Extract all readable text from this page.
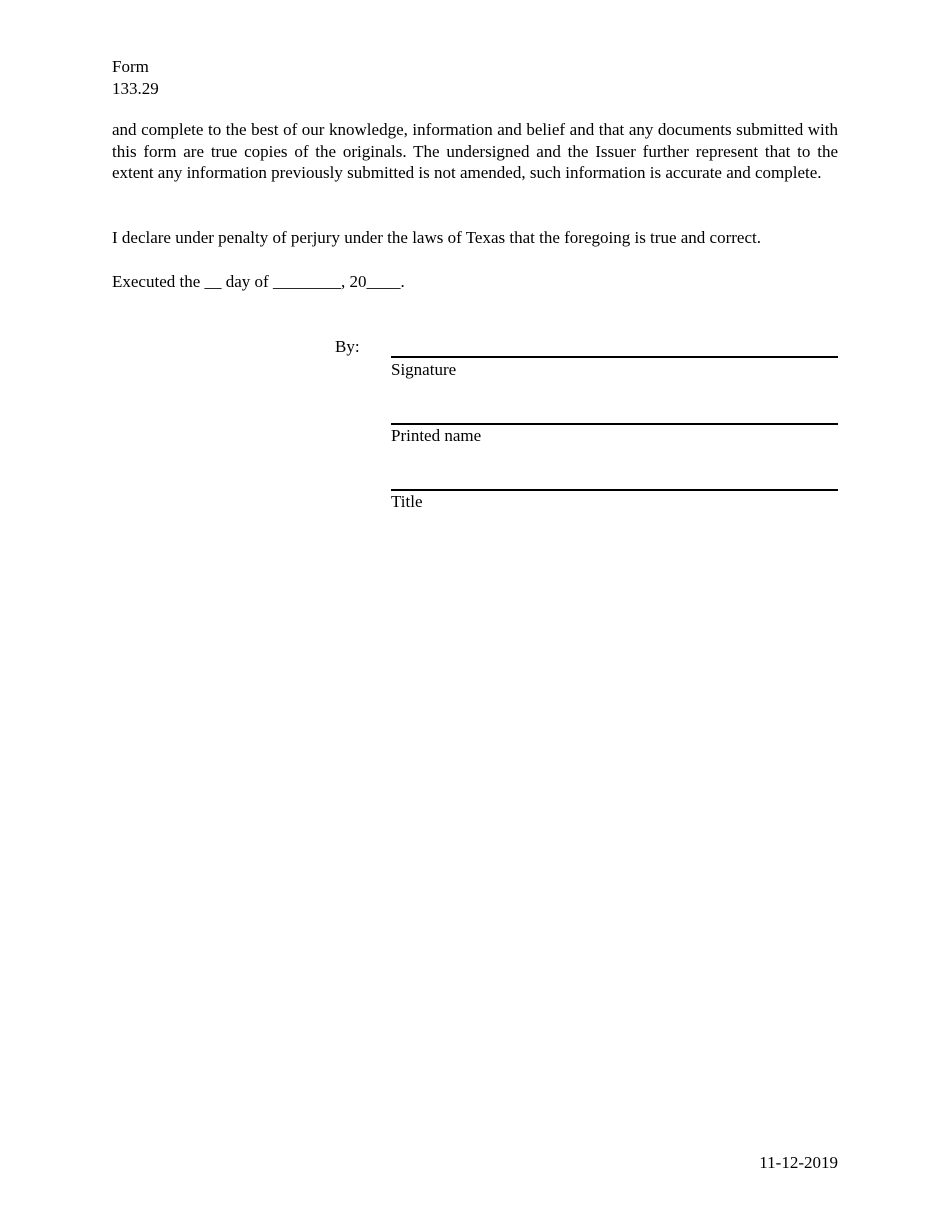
Form
133.29

and complete to the best of our knowledge, information and belief and that any documents submitted with this form are true copies of the originals. The undersigned and the Issuer further represent that to the extent any information previously submitted is not amended, such information is accurate and complete.

I declare under penalty of perjury under the laws of Texas that the foregoing is true and correct.

Executed the __ day of ________, 20____.

By:
Signature
Printed name
Title
11-12-2019
